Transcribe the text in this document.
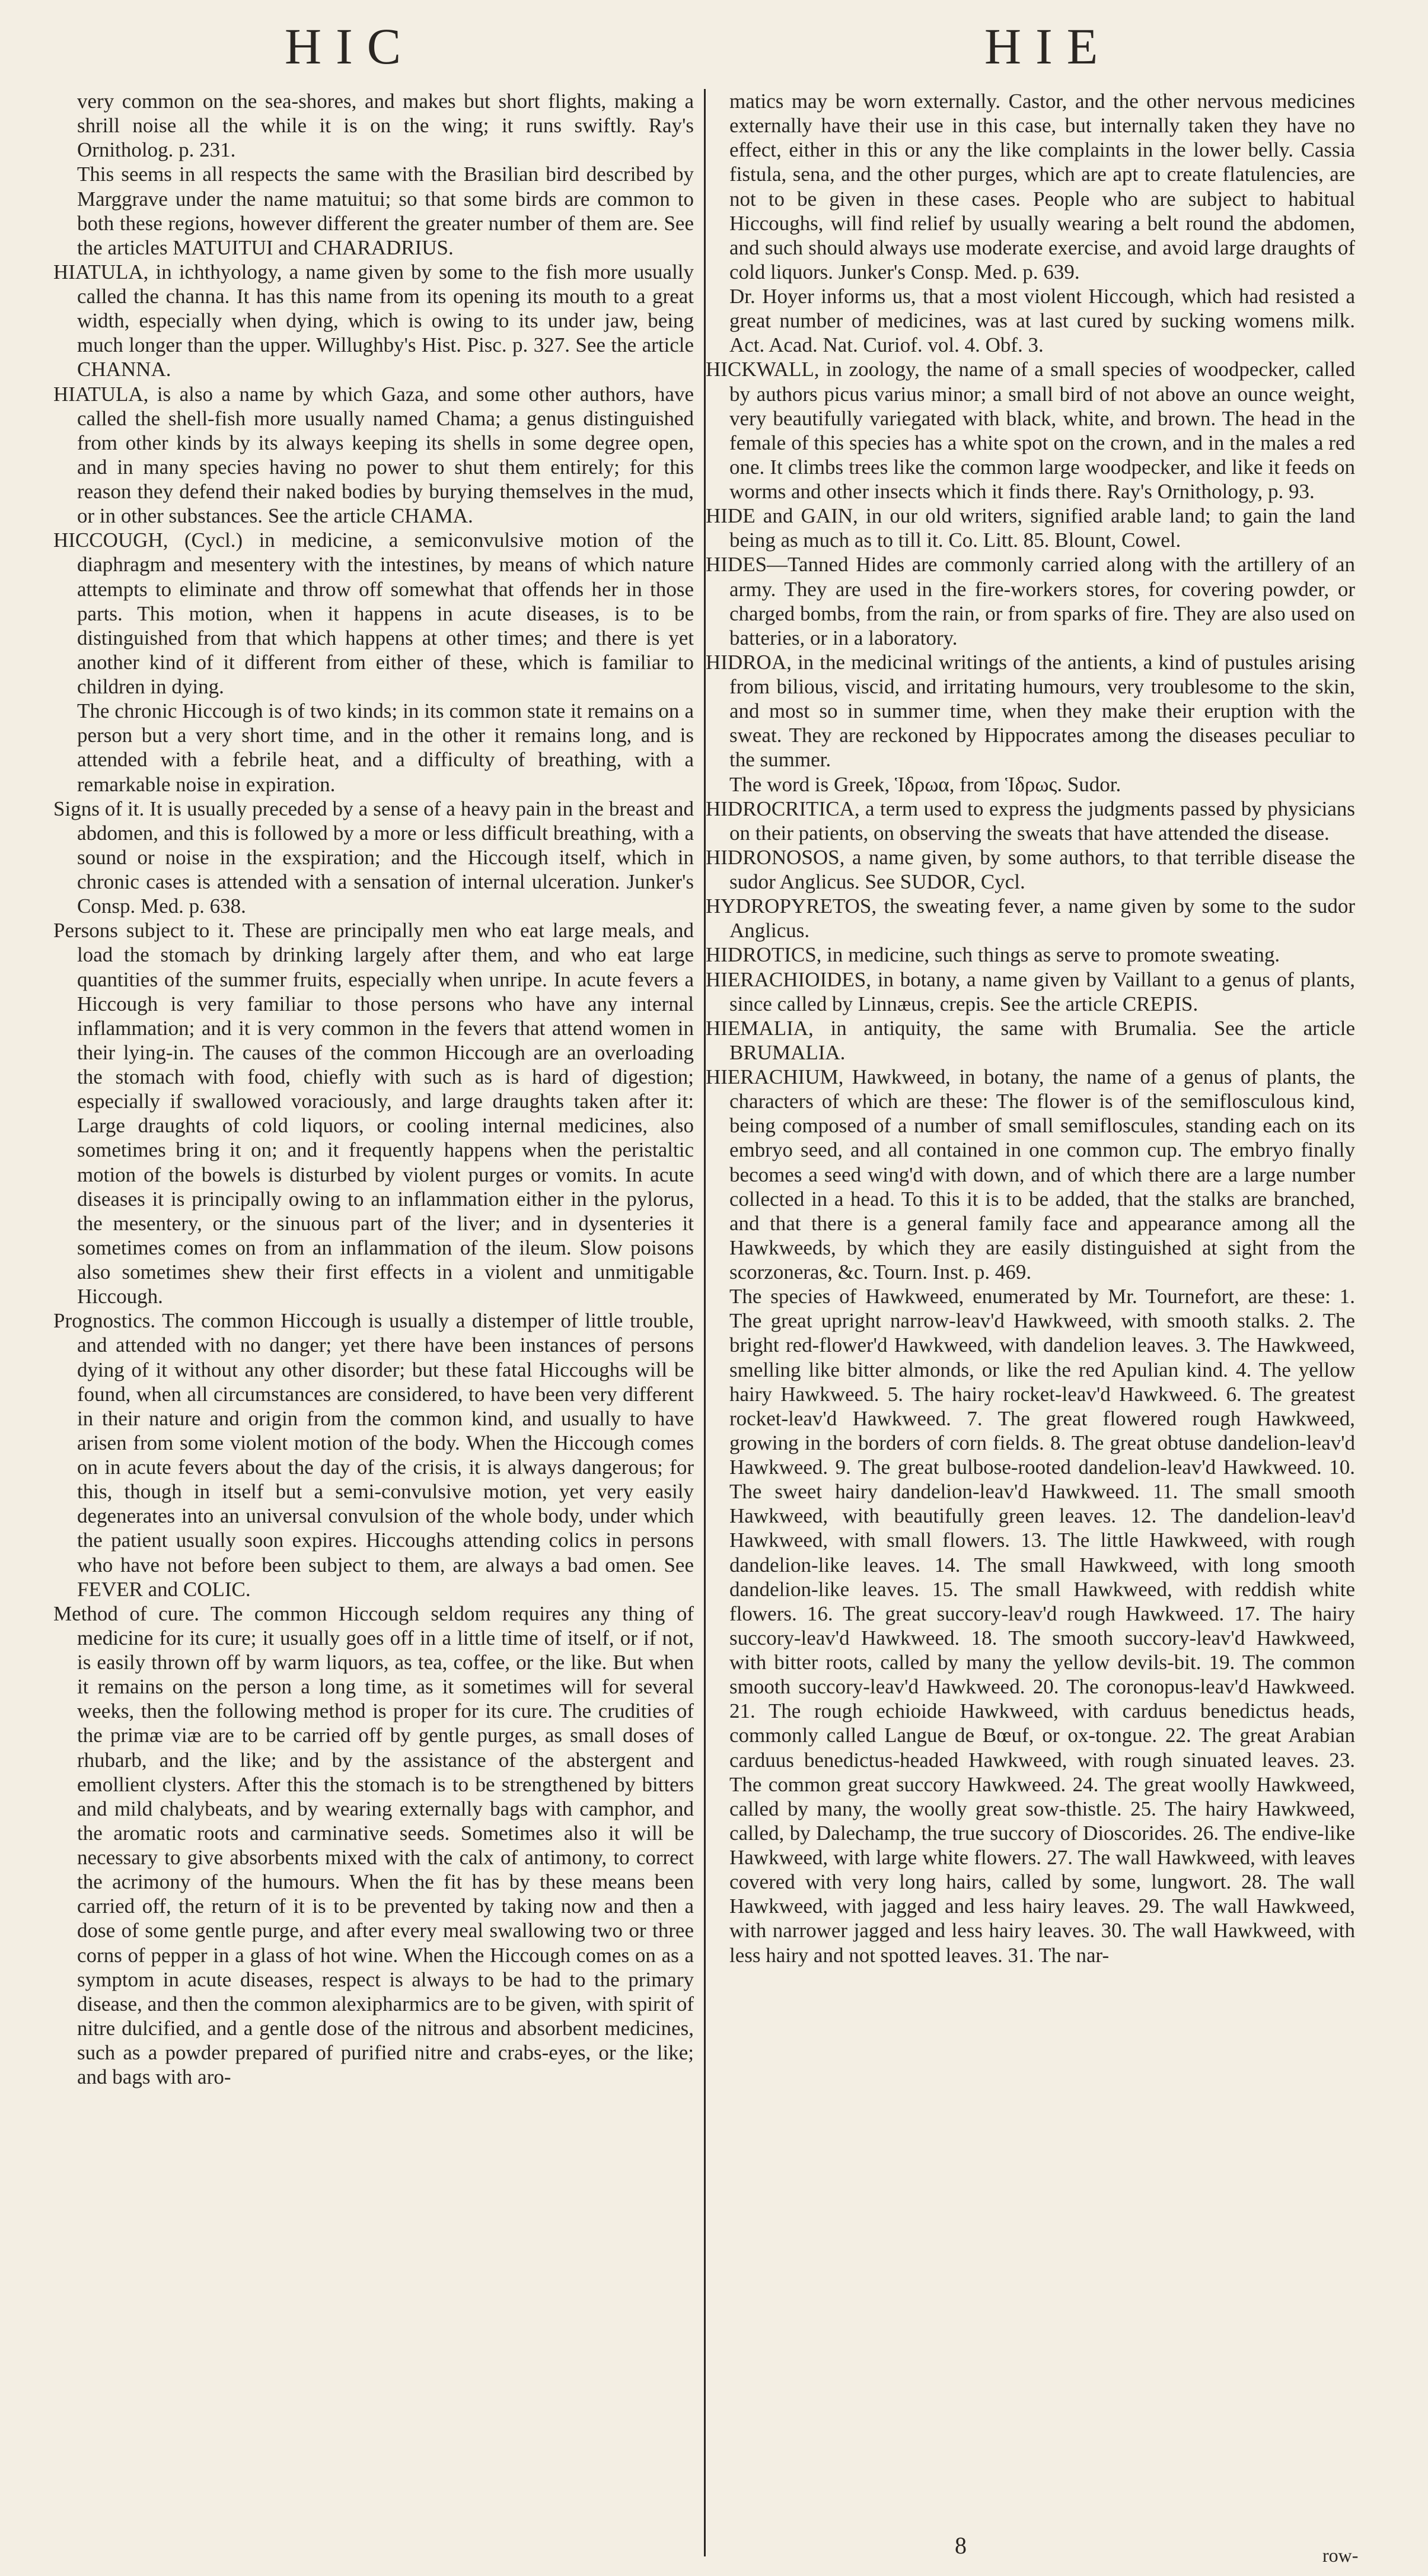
HIC	HIE

very common on the sea-shores, and makes but short flights, making a shrill noise all the while it is on the wing; it runs swiftly. Ray's Ornitholog. p. 231.

This seems in all respects the same with the Brasilian bird described by Marggrave under the name matuitui; so that some birds are common to both these regions, however different the greater number of them are. See the articles MATUITUI and CHARADRIUS.

HIATULA, in ichthyology, a name given by some to the fish more usually called the channa. It has this name from its opening its mouth to a great width, especially when dying, which is owing to its under jaw, being much longer than the upper. Willughby's Hist. Pisc. p. 327. See the article CHANNA.

HIATULA, is also a name by which Gaza, and some other authors, have called the shell-fish more usually named Chama; a genus distinguished from other kinds by its always keeping its shells in some degree open, and in many species having no power to shut them entirely; for this reason they defend their naked bodies by burying themselves in the mud, or in other substances. See the article CHAMA.

HICCOUGH, (Cycl.) in medicine, a semiconvulsive motion of the diaphragm and mesentery with the intestines, by means of which nature attempts to eliminate and throw off somewhat that offends her in those parts. This motion, when it happens in acute diseases, is to be distinguished from that which happens at other times; and there is yet another kind of it different from either of these, which is familiar to children in dying.

The chronic Hiccough is of two kinds; in its common state it remains on a person but a very short time, and in the other it remains long, and is attended with a febrile heat, and a difficulty of breathing, with a remarkable noise in expiration.

Signs of it. It is usually preceded by a sense of a heavy pain in the breast and abdomen, and this is followed by a more or less difficult breathing, with a sound or noise in the exspiration; and the Hiccough itself, which in chronic cases is attended with a sensation of internal ulceration. Junker's Consp. Med. p. 638.

Persons subject to it. These are principally men who eat large meals, and load the stomach by drinking largely after them, and who eat large quantities of the summer fruits, especially when unripe. In acute fevers a Hiccough is very familiar to those persons who have any internal inflammation; and it is very common in the fevers that attend women in their lying-in. The causes of the common Hiccough are an overloading the stomach with food, chiefly with such as is hard of digestion; especially if swallowed voraciously, and large draughts taken after it: Large draughts of cold liquors, or cooling internal medicines, also sometimes bring it on; and it frequently happens when the peristaltic motion of the bowels is disturbed by violent purges or vomits. In acute diseases it is principally owing to an inflammation either in the pylorus, the mesentery, or the sinuous part of the liver; and in dysenteries it sometimes comes on from an inflammation of the ileum. Slow poisons also sometimes shew their first effects in a violent and unmitigable Hiccough.

Prognostics. The common Hiccough is usually a distemper of little trouble, and attended with no danger; yet there have been instances of persons dying of it without any other disorder; but these fatal Hiccoughs will be found, when all circumstances are considered, to have been very different in their nature and origin from the common kind, and usually to have arisen from some violent motion of the body. When the Hiccough comes on in acute fevers about the day of the crisis, it is always dangerous; for this, though in itself but a semi-convulsive motion, yet very easily degenerates into an universal convulsion of the whole body, under which the patient usually soon expires. Hiccoughs attending colics in persons who have not before been subject to them, are always a bad omen. See FEVER and COLIC.

Method of cure. The common Hiccough seldom requires any thing of medicine for its cure; it usually goes off in a little time of itself, or if not, is easily thrown off by warm liquors, as tea, coffee, or the like. But when it remains on the person a long time, as it sometimes will for several weeks, then the following method is proper for its cure. The crudities of the primæ viæ are to be carried off by gentle purges, as small doses of rhubarb, and the like; and by the assistance of the abstergent and emollient clysters. After this the stomach is to be strengthened by bitters and mild chalybeats, and by wearing externally bags with camphor, and the aromatic roots and carminative seeds. Sometimes also it will be necessary to give absorbents mixed with the calx of antimony, to correct the acrimony of the humours. When the fit has by these means been carried off, the return of it is to be prevented by taking now and then a dose of some gentle purge, and after every meal swallowing two or three corns of pepper in a glass of hot wine. When the Hiccough comes on as a symptom in acute diseases, respect is always to be had to the primary disease, and then the common alexipharmics are to be given, with spirit of nitre dulcified, and a gentle dose of the nitrous and absorbent medicines, such as a powder prepared of purified nitre and crabs-eyes, or the like; and bags with aro-

matics may be worn externally. Castor, and the other nervous medicines externally have their use in this case, but internally taken they have no effect, either in this or any the like complaints in the lower belly. Cassia fistula, sena, and the other purges, which are apt to create flatulencies, are not to be given in these cases. People who are subject to habitual Hiccoughs, will find relief by usually wearing a belt round the abdomen, and such should always use moderate exercise, and avoid large draughts of cold liquors. Junker's Consp. Med. p. 639.

Dr. Hoyer informs us, that a most violent Hiccough, which had resisted a great number of medicines, was at last cured by sucking womens milk. Act. Acad. Nat. Curiof. vol. 4. Obf. 3.

HICKWALL, in zoology, the name of a small species of woodpecker, called by authors picus varius minor; a small bird of not above an ounce weight, very beautifully variegated with black, white, and brown. The head in the female of this species has a white spot on the crown, and in the males a red one. It climbs trees like the common large woodpecker, and like it feeds on worms and other insects which it finds there. Ray's Ornithology, p. 93.

HIDE and GAIN, in our old writers, signified arable land; to gain the land being as much as to till it. Co. Litt. 85. Blount, Cowel.

HIDES—Tanned Hides are commonly carried along with the artillery of an army. They are used in the fire-workers stores, for covering powder, or charged bombs, from the rain, or from sparks of fire. They are also used on batteries, or in a laboratory.

HIDROA, in the medicinal writings of the antients, a kind of pustules arising from bilious, viscid, and irritating humours, very troublesome to the skin, and most so in summer time, when they make their eruption with the sweat. They are reckoned by Hippocrates among the diseases peculiar to the summer.

The word is Greek, Ἱδρωα, from Ἱδρως. Sudor.

HIDROCRITICA, a term used to express the judgments passed by physicians on their patients, on observing the sweats that have attended the disease.

HIDRONOSOS, a name given, by some authors, to that terrible disease the sudor Anglicus. See SUDOR, Cycl.

HYDROPYRETOS, the sweating fever, a name given by some to the sudor Anglicus.

HIDROTICS, in medicine, such things as serve to promote sweating.

HIERACHIOIDES, in botany, a name given by Vaillant to a genus of plants, since called by Linnæus, crepis. See the article CREPIS.

HIEMALIA, in antiquity, the same with Brumalia. See the article BRUMALIA.

HIERACHIUM, Hawkweed, in botany, the name of a genus of plants, the characters of which are these: The flower is of the semiflosculous kind, being composed of a number of small semifloscules, standing each on its embryo seed, and all contained in one common cup. The embryo finally becomes a seed wing'd with down, and of which there are a large number collected in a head. To this it is to be added, that the stalks are branched, and that there is a general family face and appearance among all the Hawkweeds, by which they are easily distinguished at sight from the scorzoneras, &c. Tourn. Inst. p. 469.

The species of Hawkweed, enumerated by Mr. Tournefort, are these: 1. The great upright narrow-leav'd Hawkweed, with smooth stalks. 2. The bright red-flower'd Hawkweed, with dandelion leaves. 3. The Hawkweed, smelling like bitter almonds, or like the red Apulian kind. 4. The yellow hairy Hawkweed. 5. The hairy rocket-leav'd Hawkweed. 6. The greatest rocket-leav'd Hawkweed. 7. The great flowered rough Hawkweed, growing in the borders of corn fields. 8. The great obtuse dandelion-leav'd Hawkweed. 9. The great bulbose-rooted dandelion-leav'd Hawkweed. 10. The sweet hairy dandelion-leav'd Hawkweed. 11. The small smooth Hawkweed, with beautifully green leaves. 12. The dandelion-leav'd Hawkweed, with small flowers. 13. The little Hawkweed, with rough dandelion-like leaves. 14. The small Hawkweed, with long smooth dandelion-like leaves. 15. The small Hawkweed, with reddish white flowers. 16. The great succory-leav'd rough Hawkweed. 17. The hairy succory-leav'd Hawkweed. 18. The smooth succory-leav'd Hawkweed, with bitter roots, called by many the yellow devils-bit. 19. The common smooth succory-leav'd Hawkweed. 20. The coronopus-leav'd Hawkweed. 21. The rough echioide Hawkweed, with carduus benedictus heads, commonly called Langue de Bœuf, or ox-tongue. 22. The great Arabian carduus benedictus-headed Hawkweed, with rough sinuated leaves. 23. The common great succory Hawkweed. 24. The great woolly Hawkweed, called by many, the woolly great sow-thistle. 25. The hairy Hawkweed, called, by Dalechamp, the true succory of Dioscorides. 26. The endive-like Hawkweed, with large white flowers. 27. The wall Hawkweed, with leaves covered with very long hairs, called by some, lungwort. 28. The wall Hawkweed, with jagged and less hairy leaves. 29. The wall Hawkweed, with narrower jagged and less hairy leaves. 30. The wall Hawkweed, with less hairy and not spotted leaves. 31. The nar-

8	row-
